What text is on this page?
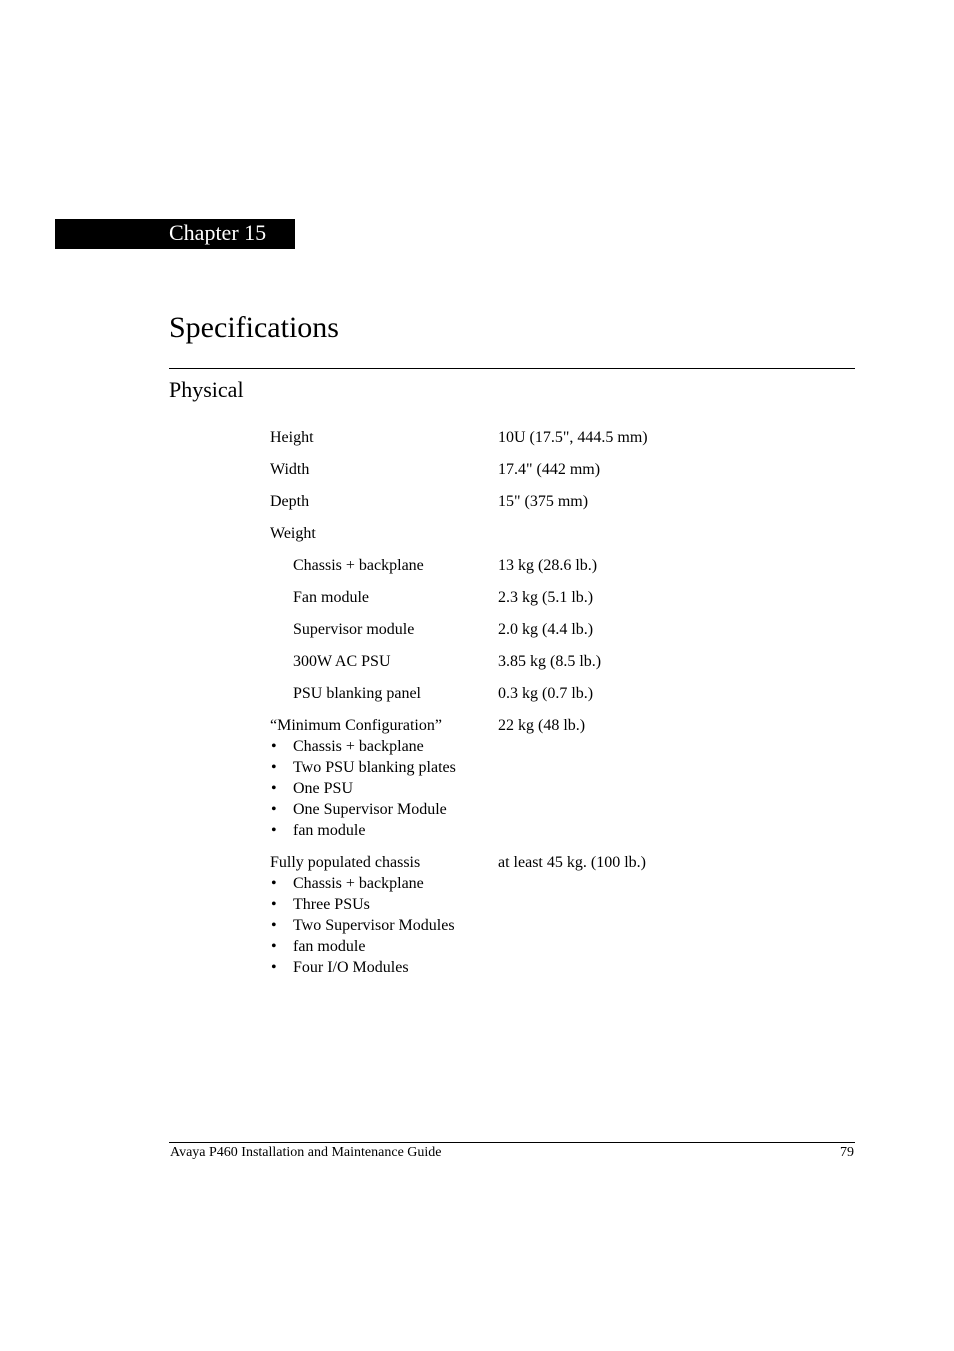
Chapter 15
Specifications
Physical
Height	10U (17.5", 444.5 mm)
Width	17.4" (442 mm)
Depth	15" (375 mm)
Weight
Chassis + backplane	13 kg (28.6 lb.)
Fan module	2.3 kg (5.1 lb.)
Supervisor module	2.0 kg (4.4 lb.)
300W AC PSU	3.85 kg (8.5 lb.)
PSU blanking panel	0.3 kg (0.7 lb.)
“Minimum Configuration”	22 kg (48 lb.)
• Chassis + backplane
• Two PSU blanking plates
• One PSU
• One Supervisor Module
• fan module
Fully populated chassis	at least 45 kg. (100 lb.)
• Chassis + backplane
• Three PSUs
• Two Supervisor Modules
• fan module
• Four I/O Modules
Avaya P460 Installation and Maintenance Guide	79
